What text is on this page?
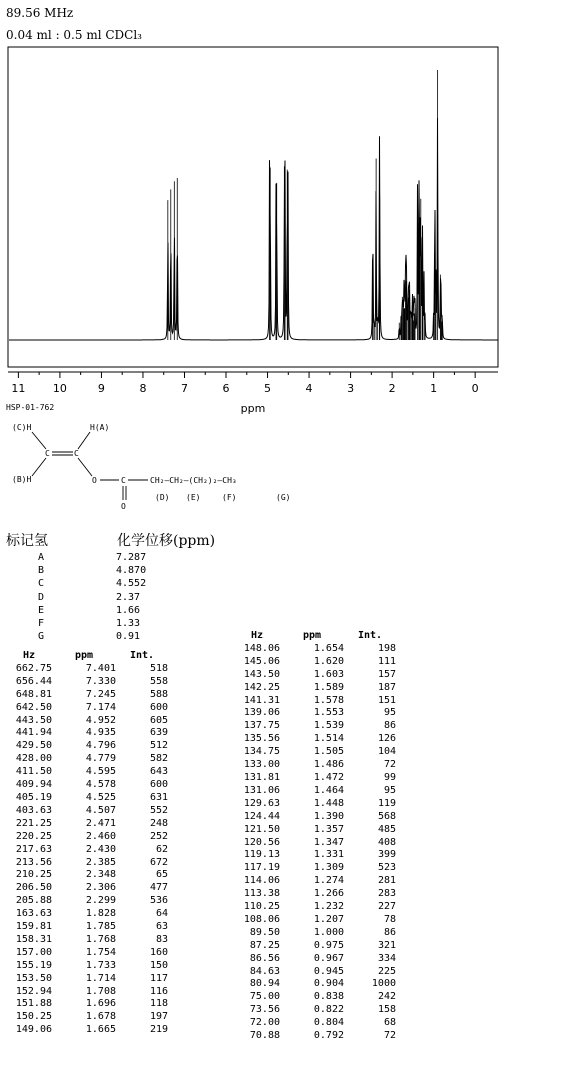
89.56 MHz
0.04 ml : 0.5 ml CDCl₃
11	10	9	8	7	6	5	4	3	2	1	0
ppm
HSP-01-762
(C)H	H(A)
C	C
(B)H	O	C
O
CH₂—CH₂—(CH₂)₂—CH₃
(D) (E)	(F)	(G)
标记氢	化学位移(ppm)
A	7.287
B	4.870
C	4.552
D	2.37
E	1.66
F	1.33
G	0.91
Hz	ppm	Int.
662.75	7.401	518
656.44	7.330	558
648.81	7.245	588
642.50	7.174	600
443.50	4.952	605
441.94	4.935	639
429.50	4.796	512
428.00	4.779	582
411.50	4.595	643
409.94	4.578	600
405.19	4.525	631
403.63	4.507	552
221.25	2.471	248
220.25	2.460	252
217.63	2.430	62
213.56	2.385	672
210.25	2.348	65
206.50	2.306	477
205.88	2.299	536
163.63	1.828	64
159.81	1.785	63
158.31	1.768	83
157.00	1.754	160
155.19	1.733	150
153.50	1.714	117
152.94	1.708	116
151.88	1.696	118
150.25	1.678	197
149.06	1.665	219
Hz	ppm	Int.
148.06	1.654	198
145.06	1.620	111
143.50	1.603	157
142.25	1.589	187
141.31	1.578	151
139.06	1.553	95
137.75	1.539	86
135.56	1.514	126
134.75	1.505	104
133.00	1.486	72
131.81	1.472	99
131.06	1.464	95
129.63	1.448	119
124.44	1.390	568
121.50	1.357	485
120.56	1.347	408
119.13	1.331	399
117.19	1.309	523
114.06	1.274	281
113.38	1.266	283
110.25	1.232	227
108.06	1.207	78
89.50	1.000	86
87.25	0.975	321
86.56	0.967	334
84.63	0.945	225
80.94	0.904	1000
75.00	0.838	242
73.56	0.822	158
72.00	0.804	68
70.88	0.792	72
